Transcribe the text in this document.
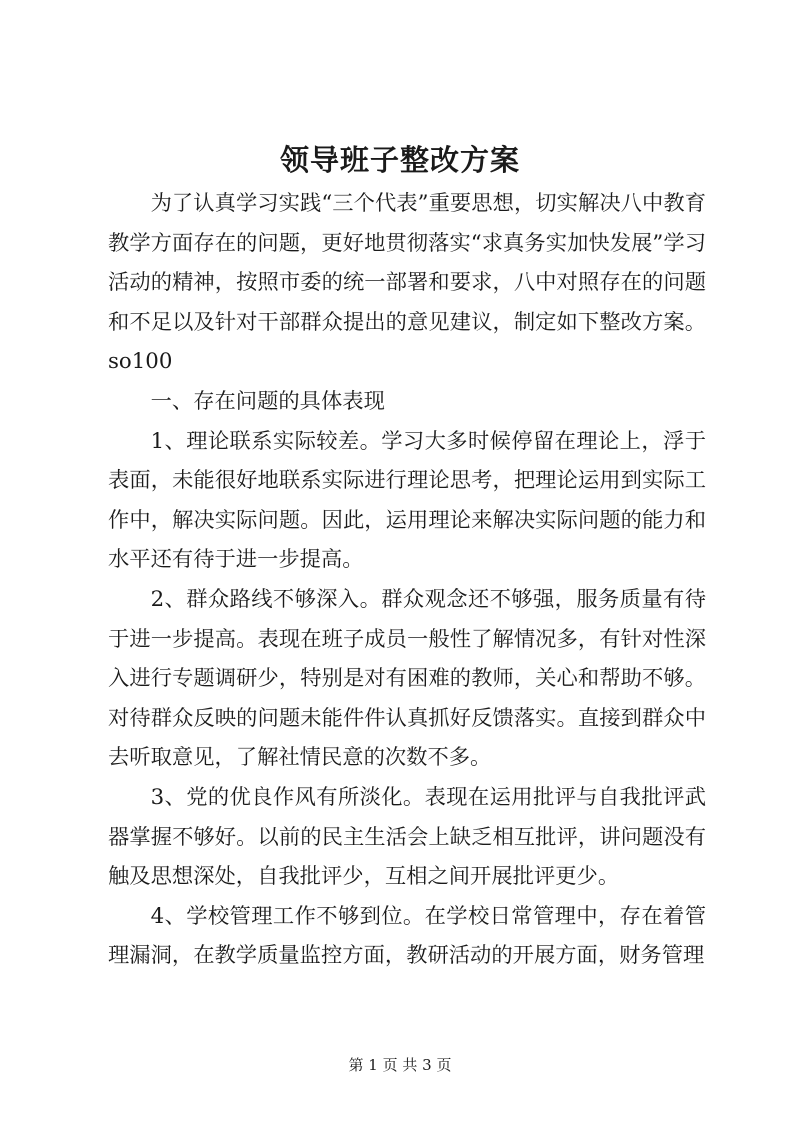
领导班子整改方案

为了认真学习实践“三个代表”重要思想，切实解决八中教育教学方面存在的问题，更好地贯彻落实“求真务实加快发展”学习活动的精神，按照市委的统一部署和要求，八中对照存在的问题和不足以及针对干部群众提出的意见建议，制定如下整改方案。so100

一、存在问题的具体表现

1、理论联系实际较差。学习大多时候停留在理论上，浮于表面，未能很好地联系实际进行理论思考，把理论运用到实际工作中，解决实际问题。因此，运用理论来解决实际问题的能力和水平还有待于进一步提高。

2、群众路线不够深入。群众观念还不够强，服务质量有待于进一步提高。表现在班子成员一般性了解情况多，有针对性深入进行专题调研少，特别是对有困难的教师，关心和帮助不够。对待群众反映的问题未能件件认真抓好反馈落实。直接到群众中去听取意见，了解社情民意的次数不多。

3、党的优良作风有所淡化。表现在运用批评与自我批评武器掌握不够好。以前的民主生活会上缺乏相互批评，讲问题没有触及思想深处，自我批评少，互相之间开展批评更少。

4、学校管理工作不够到位。在学校日常管理中，存在着管理漏洞，在教学质量监控方面，教研活动的开展方面，财务管理

第 1 页 共 3 页
